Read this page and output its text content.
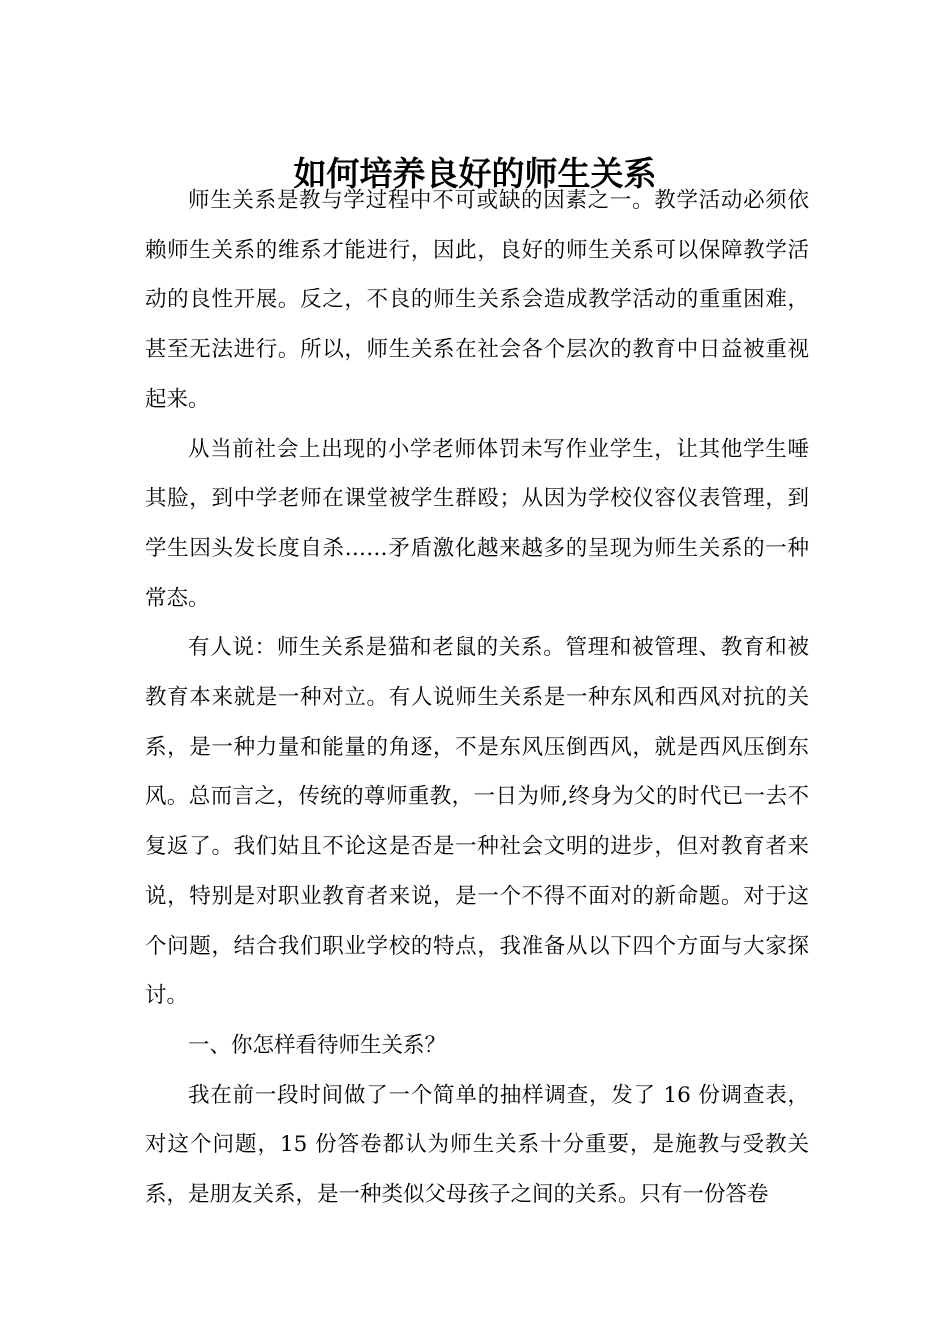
如何培养良好的师生关系

师生关系是教与学过程中不可或缺的因素之一。教学活动必须依赖师生关系的维系才能进行，因此，良好的师生关系可以保障教学活动的良性开展。反之，不良的师生关系会造成教学活动的重重困难，甚至无法进行。所以，师生关系在社会各个层次的教育中日益被重视起来。

从当前社会上出现的小学老师体罚未写作业学生，让其他学生唾其脸，到中学老师在课堂被学生群殴；从因为学校仪容仪表管理，到学生因头发长度自杀……矛盾激化越来越多的呈现为师生关系的一种常态。

有人说：师生关系是猫和老鼠的关系。管理和被管理、教育和被教育本来就是一种对立。有人说师生关系是一种东风和西风对抗的关系，是一种力量和能量的角逐，不是东风压倒西风，就是西风压倒东风。总而言之，传统的尊师重教，一日为师,终身为父的时代已一去不复返了。我们姑且不论这是否是一种社会文明的进步，但对教育者来说，特别是对职业教育者来说，是一个不得不面对的新命题。对于这个问题，结合我们职业学校的特点，我准备从以下四个方面与大家探讨。

一、你怎样看待师生关系？

我在前一段时间做了一个简单的抽样调查，发了 16 份调查表，对这个问题，15 份答卷都认为师生关系十分重要，是施教与受教关系，是朋友关系，是一种类似父母孩子之间的关系。只有一份答卷
